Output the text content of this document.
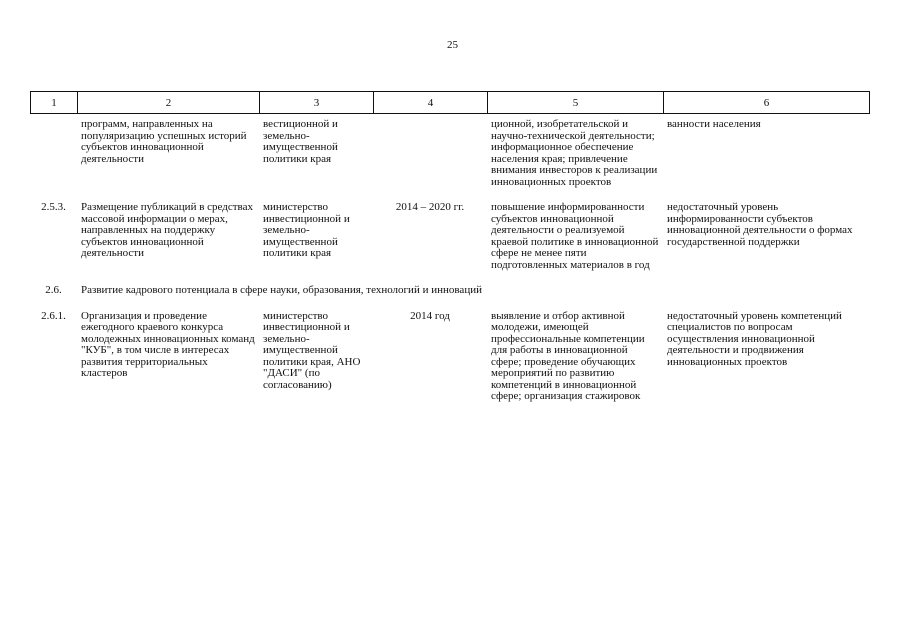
25
1	2	3	4	5	6
	программ, направленных на популяризацию успешных историй субъектов инновационной деятельности	вестиционной и земельно-имущественной политики края		ционной, изобретательской и научно-технической деятельности; информационное обеспечение населения края; привлечение внимания инвесторов к реализации инновационных проектов	ванности населения

2.5.3.	Размещение публикаций в средствах массовой информации о мерах, направленных на поддержку субъектов инновационной деятельности	министерство инвестиционной и земельно-имущественной политики края	2014 – 2020 гг.	повышение информированности субъектов инновационной деятельности о реализуемой краевой политике в инновационной сфере не менее пяти подготовленных материалов в год	недостаточный уровень информированности субъектов инновационной деятельности о формах государственной поддержки

2.6.	Развитие кадрового потенциала в сфере науки, образования, технологий и инноваций				

2.6.1.	Организация и проведение ежегодного краевого конкурса молодежных инновационных команд "КУБ", в том числе в интересах развития территориальных кластеров	министерство инвестиционной и земельно-имущественной политики края, АНО "ДАСИ" (по согласованию)	2014 год	выявление и отбор активной молодежи, имеющей профессиональные компетенции для работы в инновационной сфере; проведение обучающих мероприятий по развитию компетенций в инновационной сфере; организация стажировок	недостаточный уровень компетенций специалистов по вопросам осуществления инновационной деятельности и продвижения инновационных проектов
